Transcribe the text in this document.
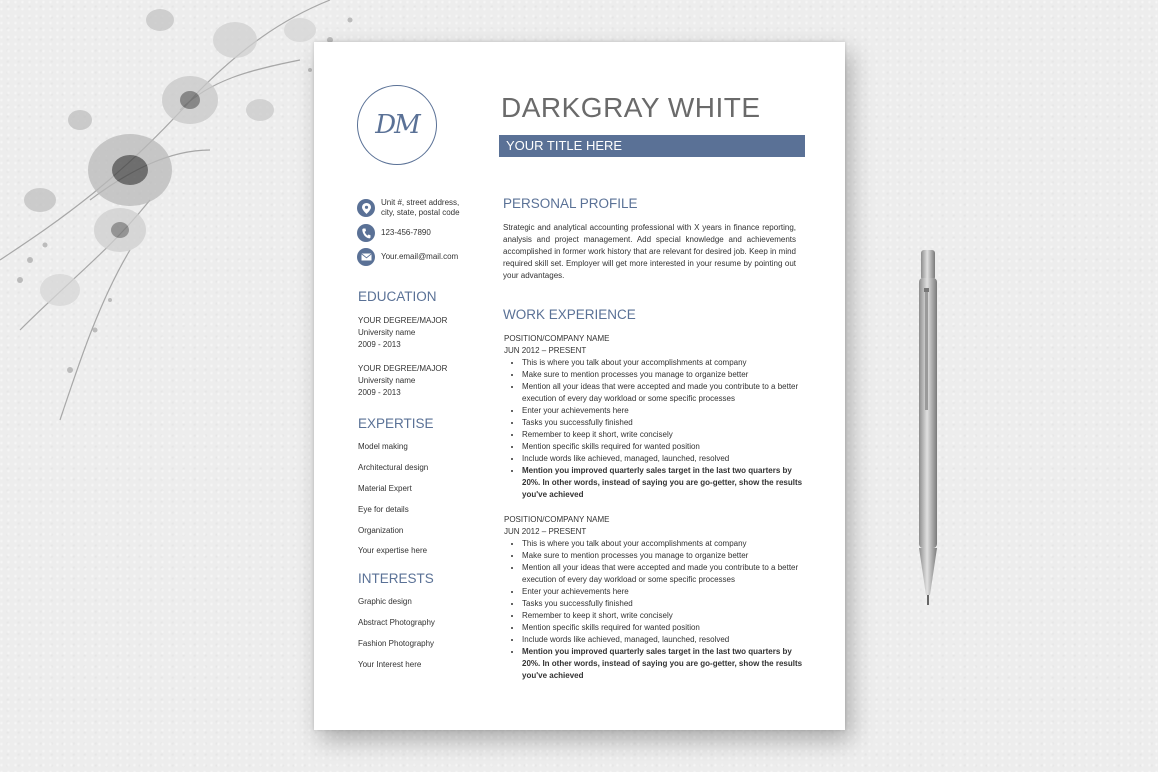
DM
DARKGRAY WHITE
YOUR TITLE HERE
Unit #, street address,
city, state, postal code
123-456-7890
Your.email@mail.com
EDUCATION
YOUR DEGREE/MAJOR
University name
2009 - 2013
YOUR DEGREE/MAJOR
University name
2009 - 2013
EXPERTISE
Model making
Architectural design
Material Expert
Eye for details
Organization
Your expertise here
INTERESTS
Graphic design
Abstract Photography
Fashion Photography
Your Interest here
PERSONAL PROFILE
Strategic and analytical accounting professional with X years in finance reporting, analysis and project management. Add special knowledge and achievements accomplished in former work history that are relevant for desired job. Keep in mind required skill set. Employer will get more interested in your resume by pointing out your advantages.
WORK EXPERIENCE
POSITION/COMPANY NAME
JUN 2012 – PRESENT
• This is where you talk about your accomplishments at company
• Make sure to mention processes you manage to organize better
• Mention all your ideas that were accepted and made you contribute to a better execution of every day workload or some specific processes
• Enter your achievements here
• Tasks you successfully finished
• Remember to keep it short, write concisely
• Mention specific skills required for wanted position
• Include words like achieved, managed, launched, resolved
• Mention you improved quarterly sales target in the last two quarters by 20%. In other words, instead of saying you are go-getter, show the results you've achieved
POSITION/COMPANY NAME
JUN 2012 – PRESENT
• This is where you talk about your accomplishments at company
• Make sure to mention processes you manage to organize better
• Mention all your ideas that were accepted and made you contribute to a better execution of every day workload or some specific processes
• Enter your achievements here
• Tasks you successfully finished
• Remember to keep it short, write concisely
• Mention specific skills required for wanted position
• Include words like achieved, managed, launched, resolved
• Mention you improved quarterly sales target in the last two quarters by 20%. In other words, instead of saying you are go-getter, show the results you've achieved
